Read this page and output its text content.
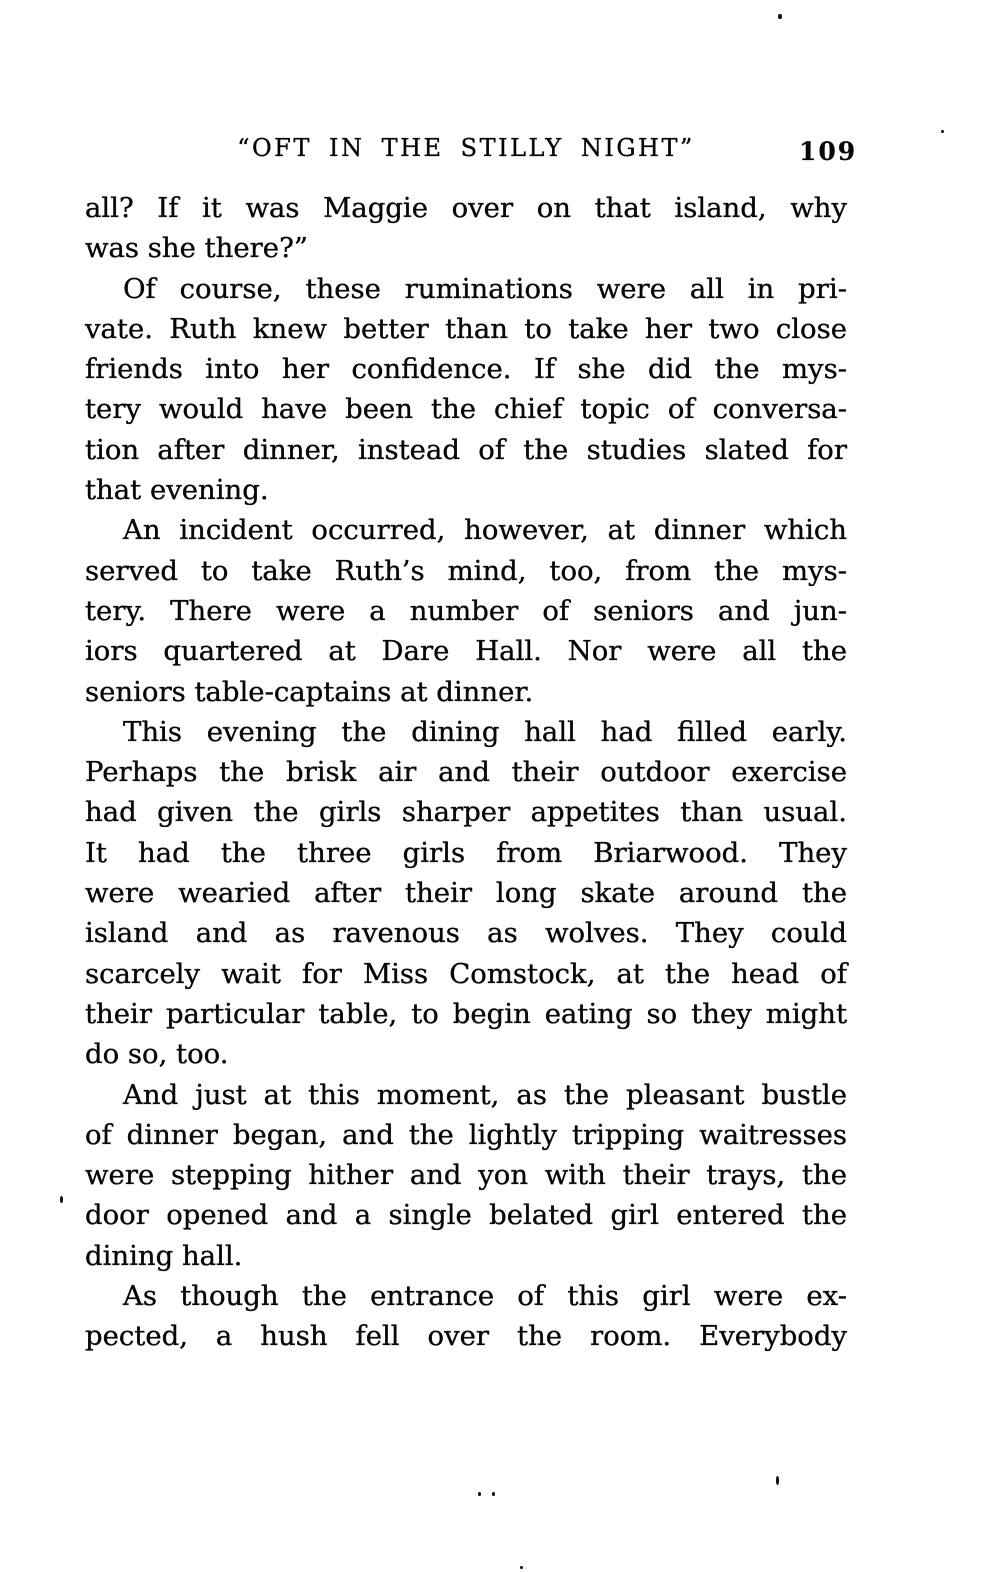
“OFT IN THE STILLY NIGHT”	109
all? If it was Maggie over on that island, why
was she there?”
Of course, these ruminations were all in pri-
vate. Ruth knew better than to take her two close
friends into her confidence. If she did the mys-
tery would have been the chief topic of conversa-
tion after dinner, instead of the studies slated for
that evening.
An incident occurred, however, at dinner which
served to take Ruth’s mind, too, from the mys-
tery. There were a number of seniors and jun-
iors quartered at Dare Hall. Nor were all the
seniors table-captains at dinner.
This evening the dining hall had filled early.
Perhaps the brisk air and their outdoor exercise
had given the girls sharper appetites than usual.
It had the three girls from Briarwood. They
were wearied after their long skate around the
island and as ravenous as wolves. They could
scarcely wait for Miss Comstock, at the head of
their particular table, to begin eating so they might
do so, too.
And just at this moment, as the pleasant bustle
of dinner began, and the lightly tripping waitresses
were stepping hither and yon with their trays, the
door opened and a single belated girl entered the
dining hall.
As though the entrance of this girl were ex-
pected, a hush fell over the room. Everybody
